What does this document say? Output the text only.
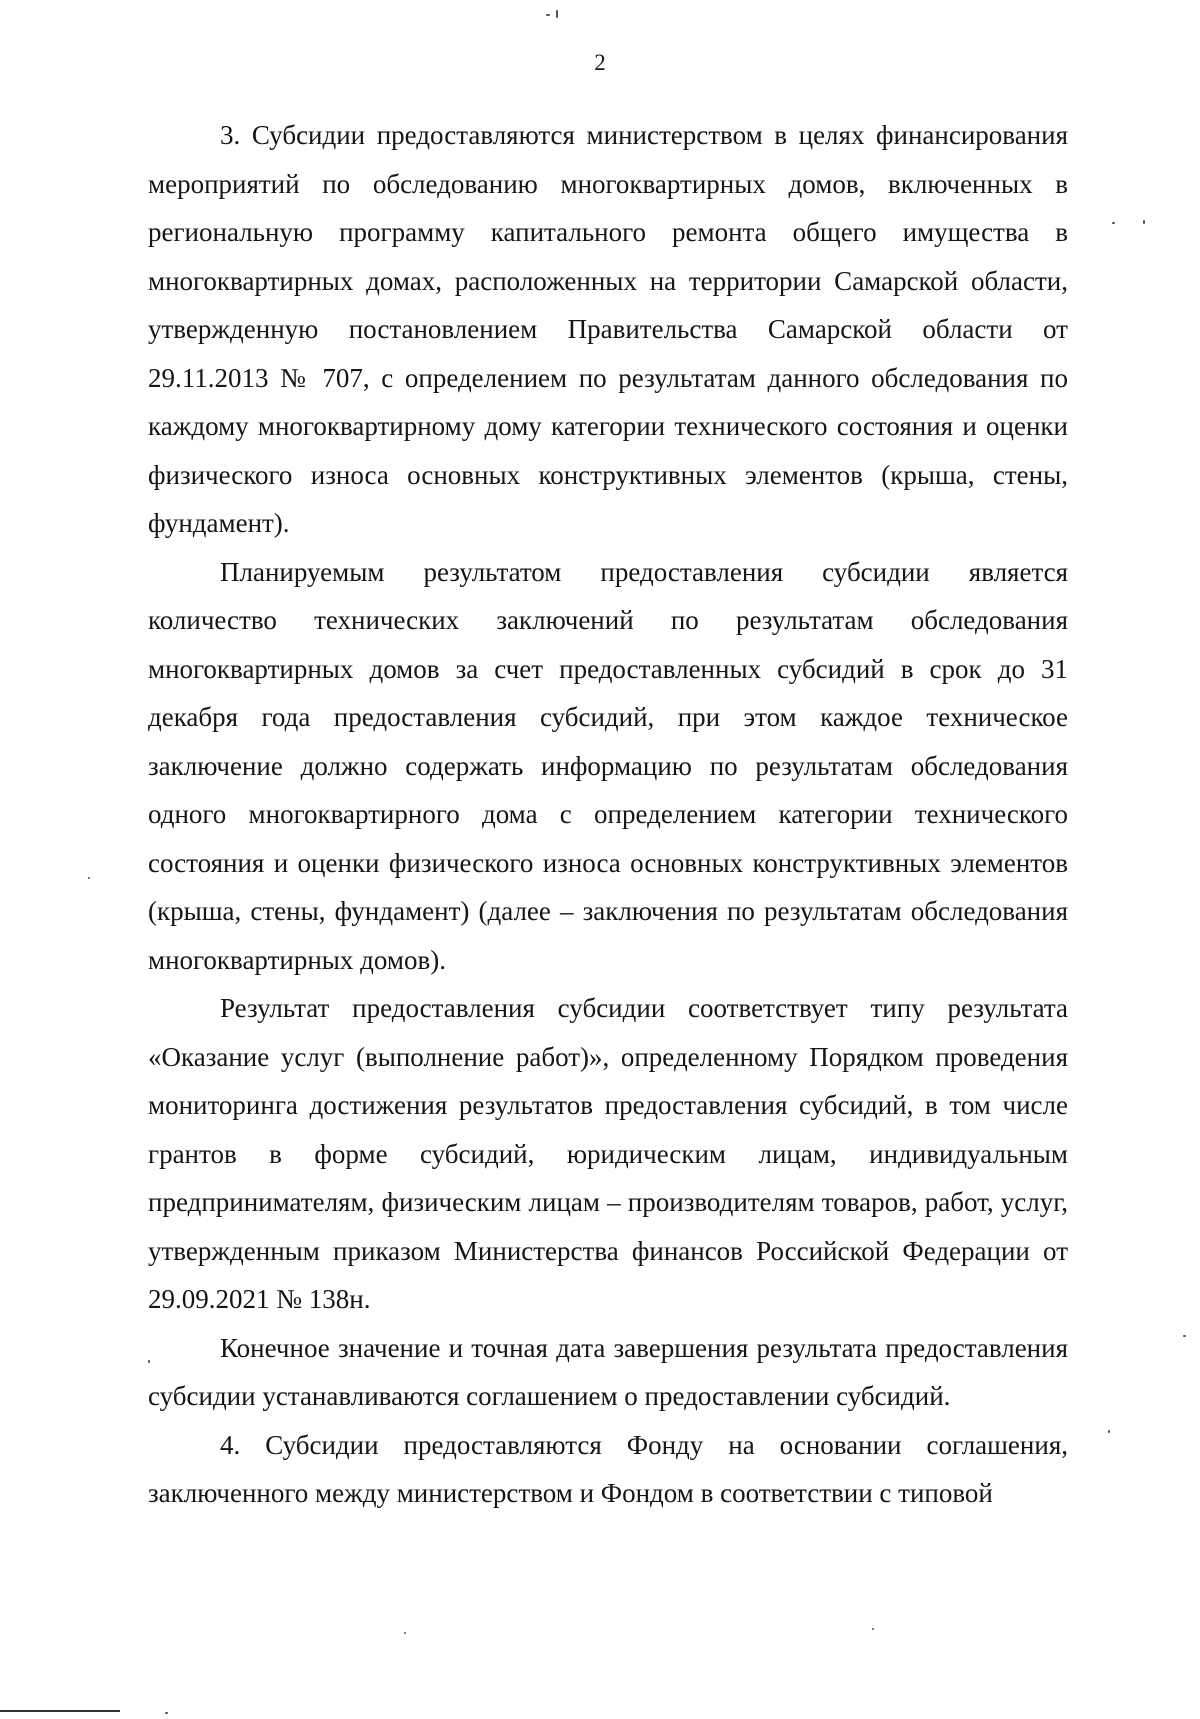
2

3. Субсидии предоставляются министерством в целях финансирования мероприятий по обследованию многоквартирных домов, включенных в региональную программу капитального ремонта общего имущества в многоквартирных домах, расположенных на территории Самарской области, утвержденную постановлением Правительства Самарской области от 29.11.2013 № 707, с определением по результатам данного обследования по каждому многоквартирному дому категории технического состояния и оценки физического износа основных конструктивных элементов (крыша, стены, фундамент).

Планируемым результатом предоставления субсидии является количество технических заключений по результатам обследования многоквартирных домов за счет предоставленных субсидий в срок до 31 декабря года предоставления субсидий, при этом каждое техническое заключение должно содержать информацию по результатам обследования одного многоквартирного дома с определением категории технического состояния и оценки физического износа основных конструктивных элементов (крыша, стены, фундамент) (далее – заключения по результатам обследования многоквартирных домов).

Результат предоставления субсидии соответствует типу результата «Оказание услуг (выполнение работ)», определенному Порядком проведения мониторинга достижения результатов предоставления субсидий, в том числе грантов в форме субсидий, юридическим лицам, индивидуальным предпринимателям, физическим лицам – производителям товаров, работ, услуг, утвержденным приказом Министерства финансов Российской Федерации от 29.09.2021 № 138н.

Конечное значение и точная дата завершения результата предоставления субсидии устанавливаются соглашением о предоставлении субсидий.

4. Субсидии предоставляются Фонду на основании соглашения, заключенного между министерством и Фондом в соответствии с типовой
